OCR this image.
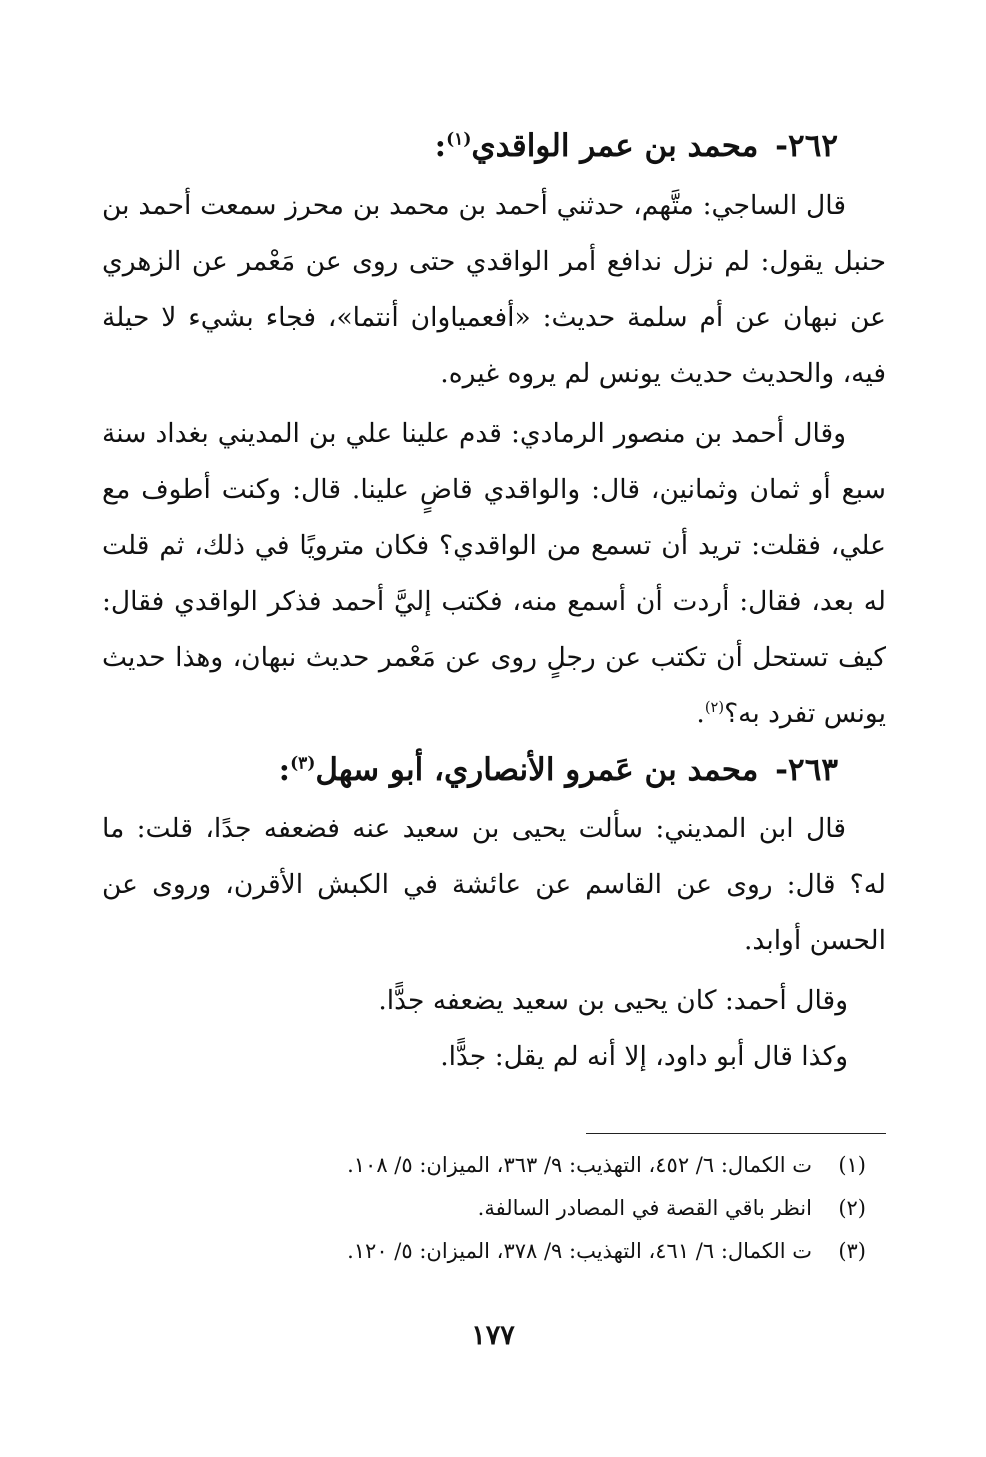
٢٦٢- محمد بن عمر الواقدي$^{(١)}$:

قال الساجي: متَّهم، حدثني أحمد بن محمد بن محرز سمعت أحمد بن حنبل يقول: لم نزل ندافع أمر الواقدي حتى روى عن مَعْمر عن الزهري عن نبهان عن أم سلمة حديث: «أفعمياوان أنتما»، فجاء بشيء لا حيلة فيه، والحديث حديث يونس لم يروه غيره.

وقال أحمد بن منصور الرمادي: قدم علينا علي بن المديني بغداد سنة سبع أو ثمان وثمانين، قال: والواقدي قاضٍ علينا. قال: وكنت أطوف مع علي، فقلت: تريد أن تسمع من الواقدي؟ فكان مترويًا في ذلك، ثم قلت له بعد، فقال: أردت أن أسمع منه، فكتب إليَّ أحمد فذكر الواقدي فقال: كيف تستحل أن تكتب عن رجلٍ روى عن مَعْمر حديث نبهان، وهذا حديث يونس تفرد به؟$^{(٢)}$.

٢٦٣- محمد بن عَمرو الأنصاري، أبو سهل$^{(٣)}$:

قال ابن المديني: سألت يحيى بن سعيد عنه فضعفه جدًا، قلت: ما له؟ قال: روى عن القاسم عن عائشة في الكبش الأقرن، وروى عن الحسن أوابد.

وقال أحمد: كان يحيى بن سعيد يضعفه جدًّا.

وكذا قال أبو داود، إلا أنه لم يقل: جدًّا.

(١)
ت الكمال: ٦/ ٤٥٢، التهذيب: ٩/ ٣٦٣، الميزان: ٥/ ١٠٨.
(٢)
انظر باقي القصة في المصادر السالفة.
(٣)
ت الكمال: ٦/ ٤٦١، التهذيب: ٩/ ٣٧٨، الميزان: ٥/ ١٢٠.
١٧٧
